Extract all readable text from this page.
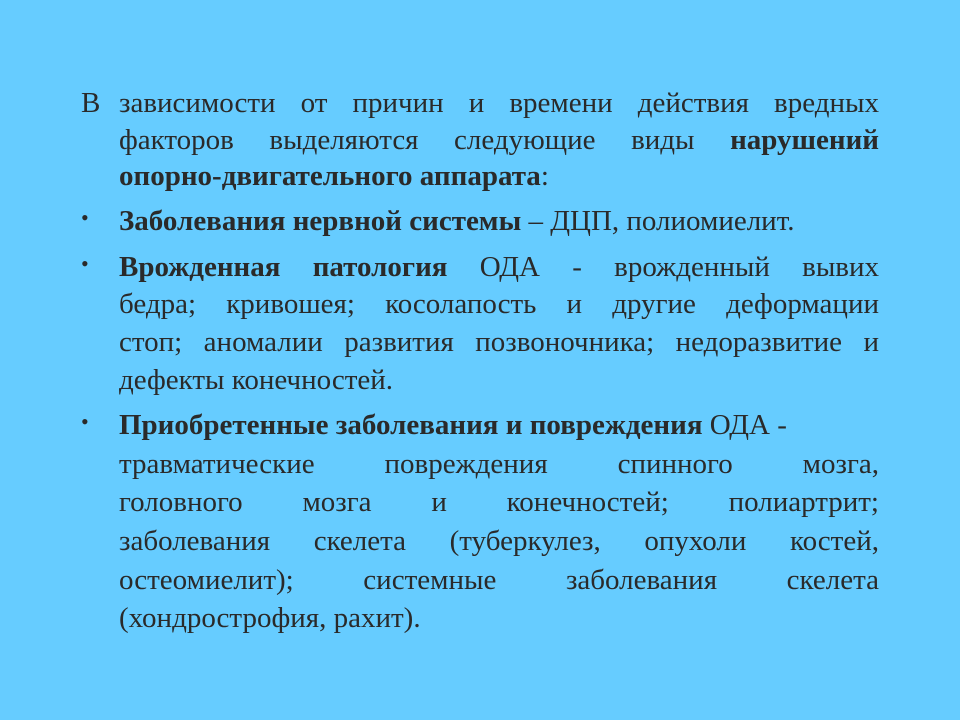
В зависимости от причин и времени действия вредных
факторов выделяются следующие виды нарушений
опорно-двигательного аппарата:
• Заболевания нервной системы – ДЦП, полиомиелит.
• Врожденная патология ОДА - врожденный вывих
бедра; кривошея; косолапость и другие деформации
стоп; аномалии развития позвоночника; недоразвитие и
дефекты конечностей.
• Приобретенные заболевания и повреждения ОДА -
травматические повреждения спинного мозга,
головного мозга и конечностей; полиартрит;
заболевания скелета (туберкулез, опухоли костей,
остеомиелит); системные заболевания скелета
(хондрострофия, рахит).
